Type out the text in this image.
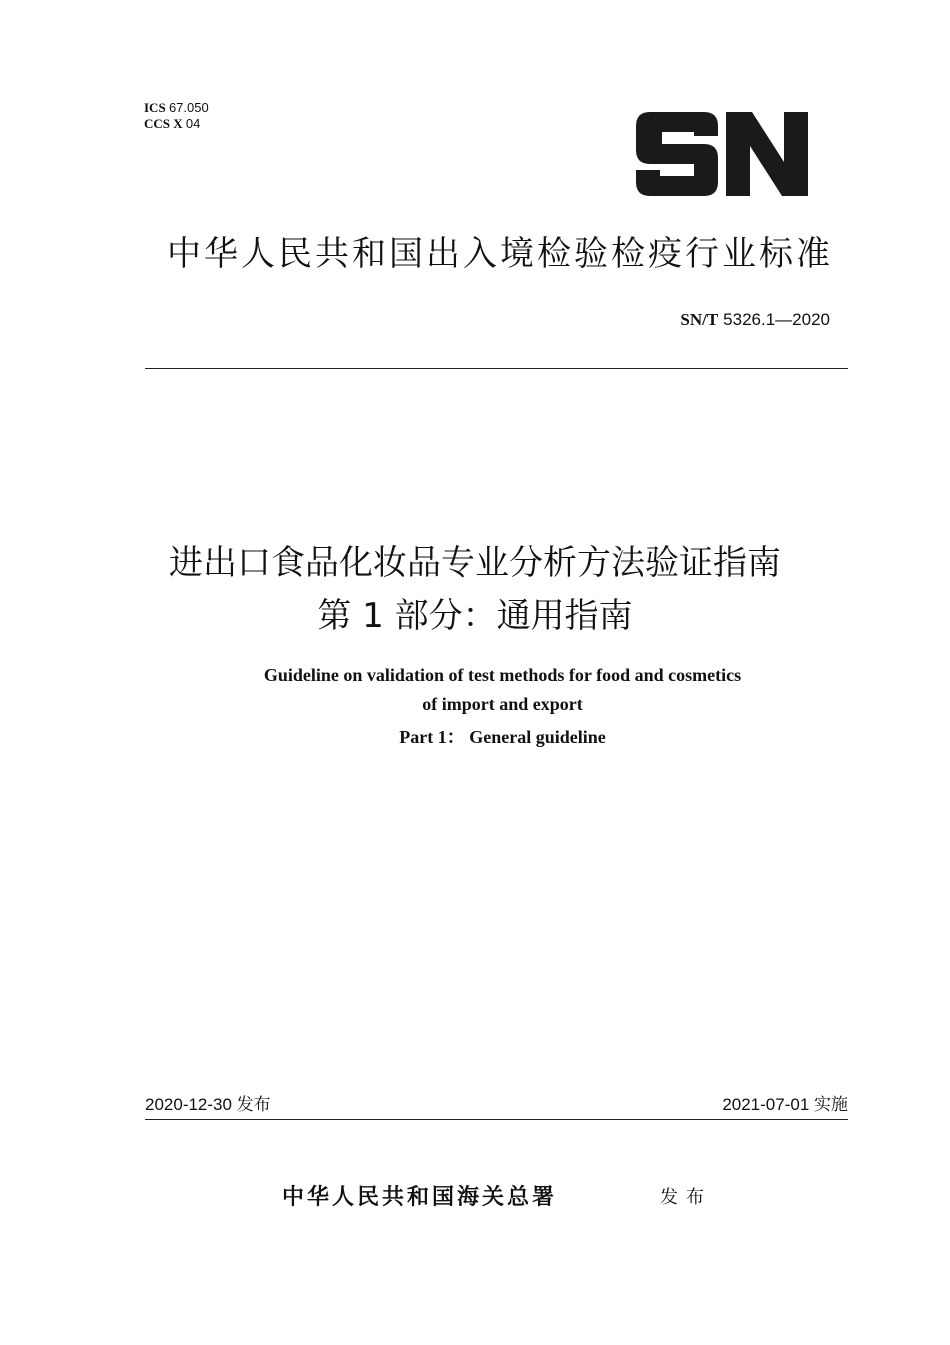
ICS 67.050
CCS X 04
中华人民共和国出入境检验检疫行业标准
SN/T 5326.1—2020
进出口食品化妆品专业分析方法验证指南
第 1 部分：通用指南
Guideline on validation of test methods for food and cosmetics
of import and export
Part 1： General guideline
2020-12-30 发布	2021-07-01 实施
中华人民共和国海关总署	发布
